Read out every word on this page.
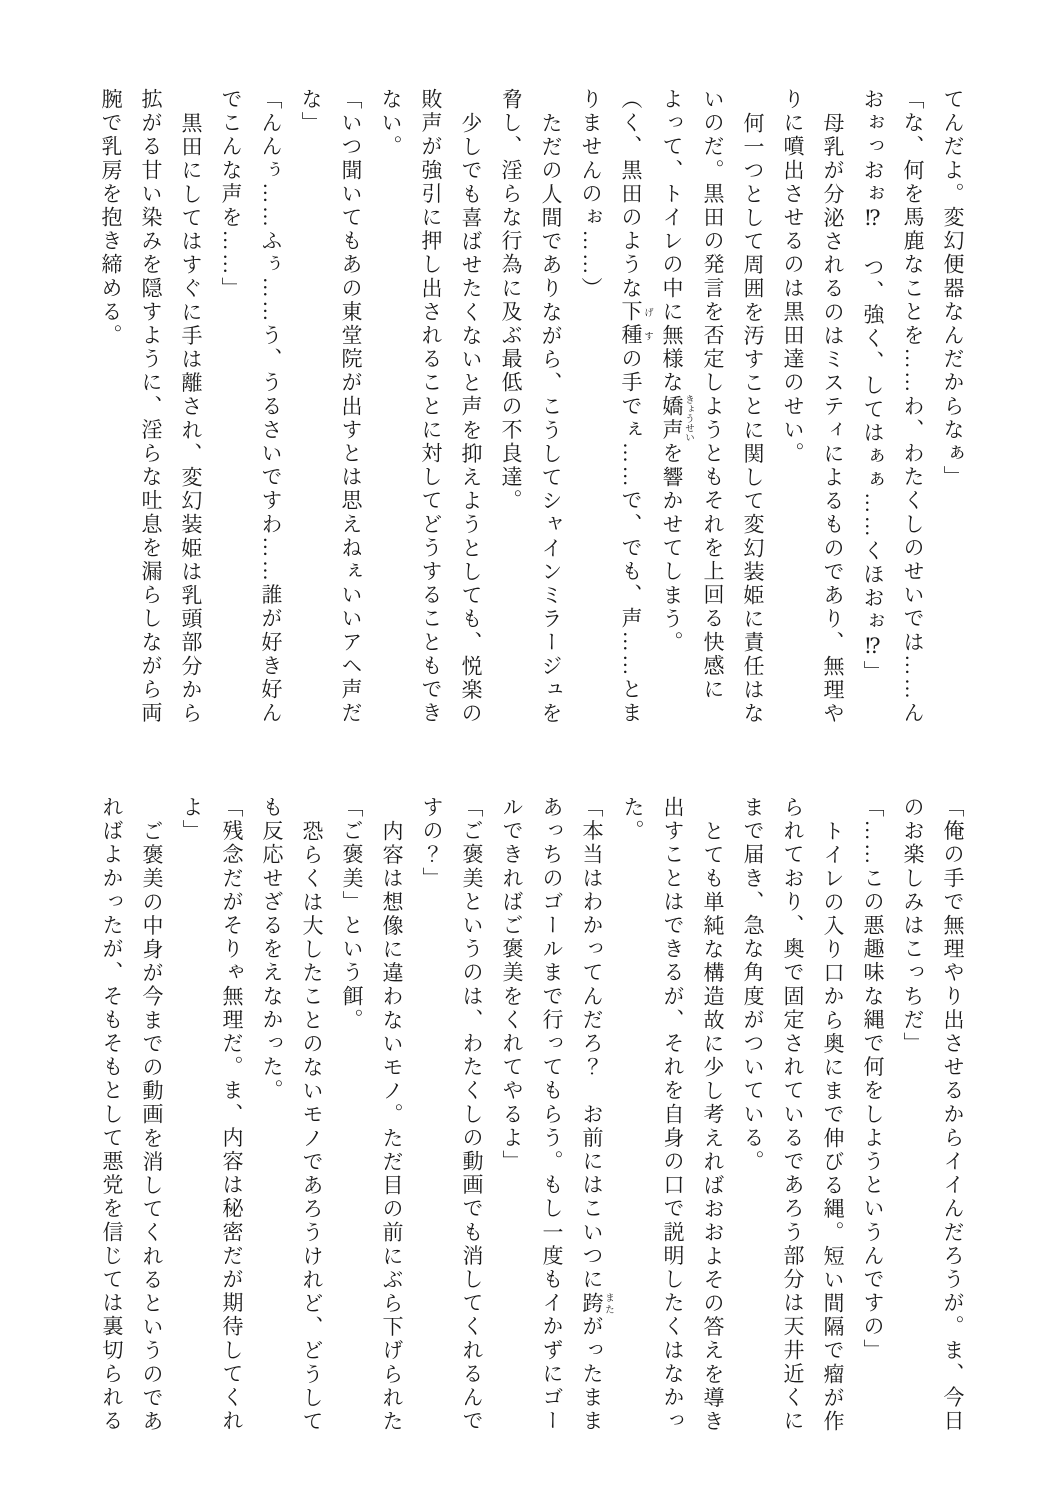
てんだよ。変幻便器なんだからなぁ」
「な、何を馬鹿なことを……わ、わたくしのせいでは……ん
おぉっおぉ⁉　つ、強く、してはぁぁ……くほおぉ⁉」
母乳が分泌されるのはミスティによるものであり、無理や
りに噴出させるのは黒田達のせい。
何一つとして周囲を汚すことに関して変幻装姫に責任はな
いのだ。黒田の発言を否定しようともそれを上回る快感に
よって、トイレの中に無様な嬌声 きょうせいを響かせてしまう。
（く、黒田のような下種 げすの手でぇ……で、でも、声……とま
りませんのぉ……）
ただの人間でありながら、こうしてシャインミラージュを
脅し、淫らな行為に及ぶ最低の不良達。
少しでも喜ばせたくないと声を抑えようとしても、悦楽の
敗声が強引に押し出されることに対してどうすることもでき
ない。
「いつ聞いてもあの東堂院が出すとは思えねぇいいアヘ声だ
な」
「んんぅ……ふぅ……う、うるさいですわ……誰が好き好ん
でこんな声を……」
黒田にしてはすぐに手は離され、変幻装姫は乳頭部分から
拡がる甘い染みを隠すように、淫らな吐息を漏らしながら両
腕で乳房を抱き締める。
「俺の手で無理やり出させるからイイんだろうが。ま、今日
のお楽しみはこっちだ」
「……この悪趣味な縄で何をしようというんですの」
トイレの入り口から奥にまで伸びる縄。短い間隔で瘤が作
られており、奥で固定されているであろう部分は天井近くに
まで届き、急な角度がついている。
とても単純な構造故に少し考えればおおよその答えを導き
出すことはできるが、それを自身の口で説明したくはなかっ
た。
「本当はわかってんだろ？　お前にはこいつに跨 またがったまま
あっちのゴールまで行ってもらう。もし一度もイかずにゴー
ルできればご褒美をくれてやるよ」
「ご褒美というのは、わたくしの動画でも消してくれるんで
すの？」
内容は想像に違わないモノ。ただ目の前にぶら下げられた
「ご褒美」という餌。
恐らくは大したことのないモノであろうけれど、どうして
も反応せざるをえなかった。
「残念だがそりゃ無理だ。ま、内容は秘密だが期待してくれ
よ」
ご褒美の中身が今までの動画を消してくれるというのであ
ればよかったが、そもそもとして悪党を信じては裏切られる
